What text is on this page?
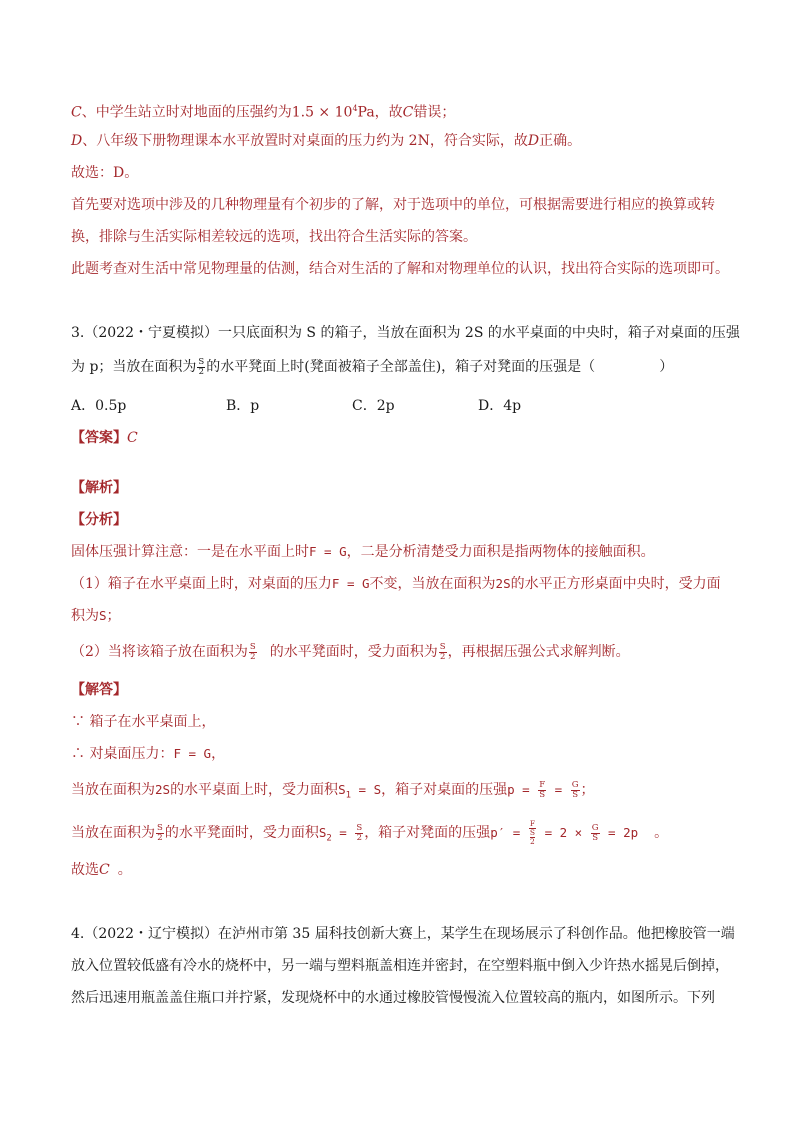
C、中学生站立时对地面的压强约为$1.5 \times 10^4Pa$，故C错误；
D、八年级下册物理课本水平放置时对桌面的压力约为 2N，符合实际，故D正确。
故选：D。
首先要对选项中涉及的几种物理量有个初步的了解，对于选项中的单位，可根据需要进行相应的换算或转
换，排除与生活实际相差较远的选项，找出符合生活实际的答案。
此题考查对生活中常见物理量的估测，结合对生活的了解和对物理单位的认识，找出符合实际的选项即可。
3.（2022・宁夏模拟）一只底面积为 S 的箱子，当放在面积为 2S 的水平桌面的中央时，箱子对桌面的压强
为 p；当放在面积为 $\frac{S}{2}$ 的水平凳面上时(凳面被箱子全部盖住)，箱子对凳面的压强是（	）
A．0.5p	B．p	C．2p	D．4p
【答案】C
【解析】
【分析】
固体压强计算注意：一是在水平面上时F = G，二是分析清楚受力面积是指两物体的接触面积。
（1）箱子在水平桌面上时，对桌面的压力F = G不变，当放在面积为2S的水平正方形桌面中央时，受力面
积为S；
（2）当将该箱子放在面积为 $\frac{S}{2}$ 的水平凳面时，受力面积为 $\frac{S}{2}$ ，再根据压强公式求解判断。
【解答】
∵ 箱子在水平桌面上，
∴ 对桌面压力：F = G，
当放在面积为2S的水平桌面上时，受力面积$S_1 = S$，箱子对桌面的压强$p = \frac{F}{S} = \frac{G}{S}$ ；
当放在面积为 $\frac{S}{2}$ 的水平凳面时，受力面积$S_2 = \frac{S}{2}$ ，箱子对凳面的压强p′ =
F
S
2
= $2 \times \frac{G}{S} = 2p$ 。
故选C 。
4.（2022・辽宁模拟）在泸州市第 35 届科技创新大赛上，某学生在现场展示了科创作品。他把橡胶管一端
放入位置较低盛有冷水的烧杯中，另一端与塑料瓶盖相连并密封，在空塑料瓶中倒入少许热水摇晃后倒掉，
然后迅速用瓶盖盖住瓶口并拧紧，发现烧杯中的水通过橡胶管慢慢流入位置较高的瓶内，如图所示。下列
